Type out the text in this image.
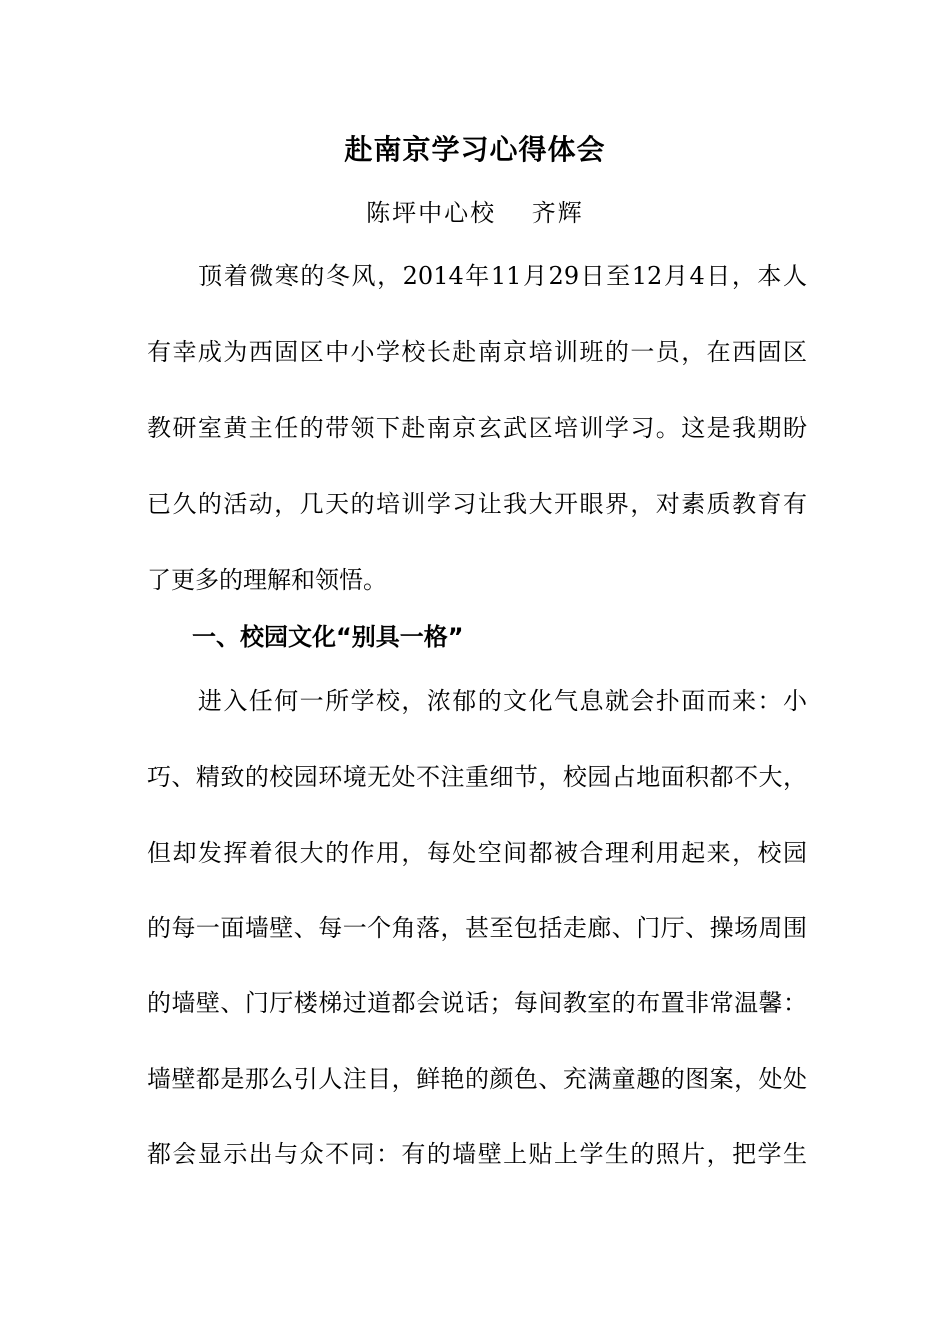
赴南京学习心得体会
陈坪中心校　 齐辉
　　顶着微寒的冬风，2014年11月29日至12月4日，本人
有幸成为西固区中小学校长赴南京培训班的一员，在西固区
教研室黄主任的带领下赴南京玄武区培训学习。这是我期盼
已久的活动，几天的培训学习让我大开眼界，对素质教育有
了更多的理解和领悟。
一、校园文化“别具一格”
　　进入任何一所学校，浓郁的文化气息就会扑面而来：小
巧、精致的校园环境无处不注重细节，校园占地面积都不大，
但却发挥着很大的作用，每处空间都被合理利用起来，校园
的每一面墙壁、每一个角落，甚至包括走廊、门厅、操场周围
的墙壁、门厅楼梯过道都会说话；每间教室的布置非常温馨：
墙壁都是那么引人注目，鲜艳的颜色、充满童趣的图案，处处
都会显示出与众不同：有的墙壁上贴上学生的照片，把学生
